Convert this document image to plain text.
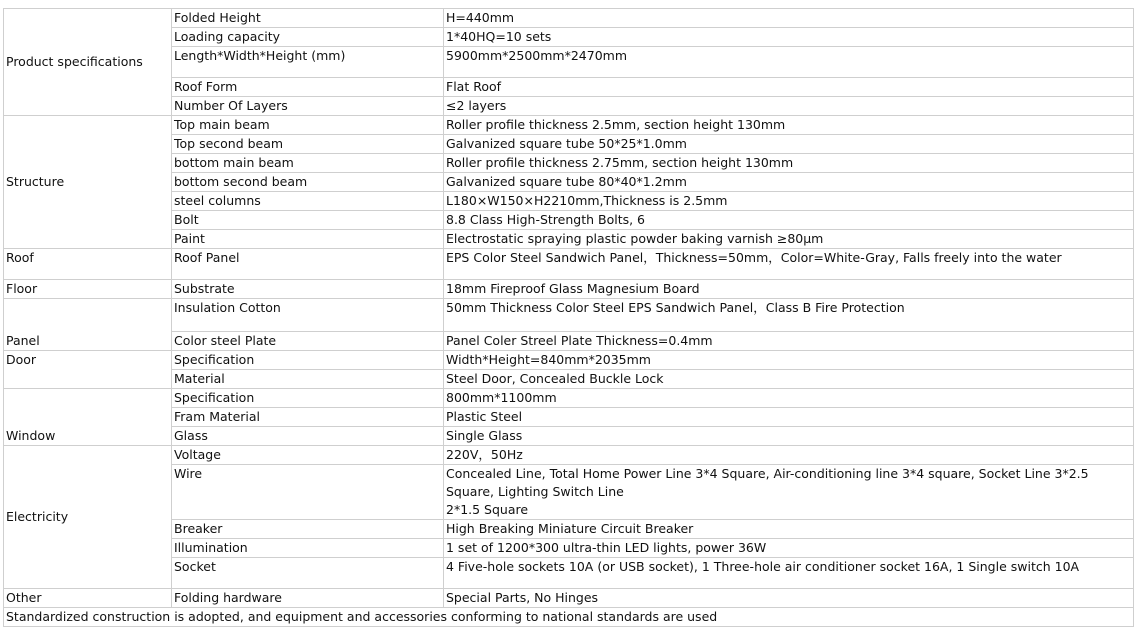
Product specifications	Folded Height	H=440mm
	Loading capacity	1*40HQ=10 sets
	Length*Width*Height (mm)	5900mm*2500mm*2470mm
	Roof Form	Flat Roof
	Number Of Layers	≤2 layers
Structure	Top main beam	Roller profile thickness 2.5mm, section height 130mm
	Top second beam	Galvanized square tube 50*25*1.0mm
	bottom main beam	Roller profile thickness 2.75mm, section height 130mm
	bottom second beam	Galvanized square tube 80*40*1.2mm
	steel columns	L180×W150×H2210mm,Thickness is 2.5mm
	Bolt	8.8 Class High-Strength Bolts, 6
	Paint	Electrostatic spraying plastic powder baking varnish ≥80μm
Roof	Roof Panel	EPS Color Steel Sandwich Panel，Thickness=50mm，Color=White-Gray, Falls freely into the water
Floor	Substrate	18mm Fireproof Glass Magnesium Board
Panel	Insulation Cotton	50mm Thickness Color Steel EPS Sandwich Panel，Class B Fire Protection
	Color steel Plate	Panel Coler Streel Plate Thickness=0.4mm
Door	Specification	Width*Height=840mm*2035mm
	Material	Steel Door, Concealed Buckle Lock
Window	Specification	800mm*1100mm
	Fram Material	Plastic Steel
	Glass	Single Glass
Electricity	Voltage	220V，50Hz
	Wire	Concealed Line, Total Home Power Line 3*4 Square, Air-conditioning line 3*4 square, Socket Line 3*2.5 Square, Lighting Switch Line
2*1.5 Square

	Breaker	High Breaking Miniature Circuit Breaker
	Illumination	1 set of 1200*300 ultra-thin LED lights, power 36W
	Socket	4 Five-hole sockets 10A (or USB socket), 1 Three-hole air conditioner socket 16A, 1 Single switch 10A
Other	Folding hardware	Special Parts, No Hinges
Standardized construction is adopted, and equipment and accessories conforming to national standards are used		
